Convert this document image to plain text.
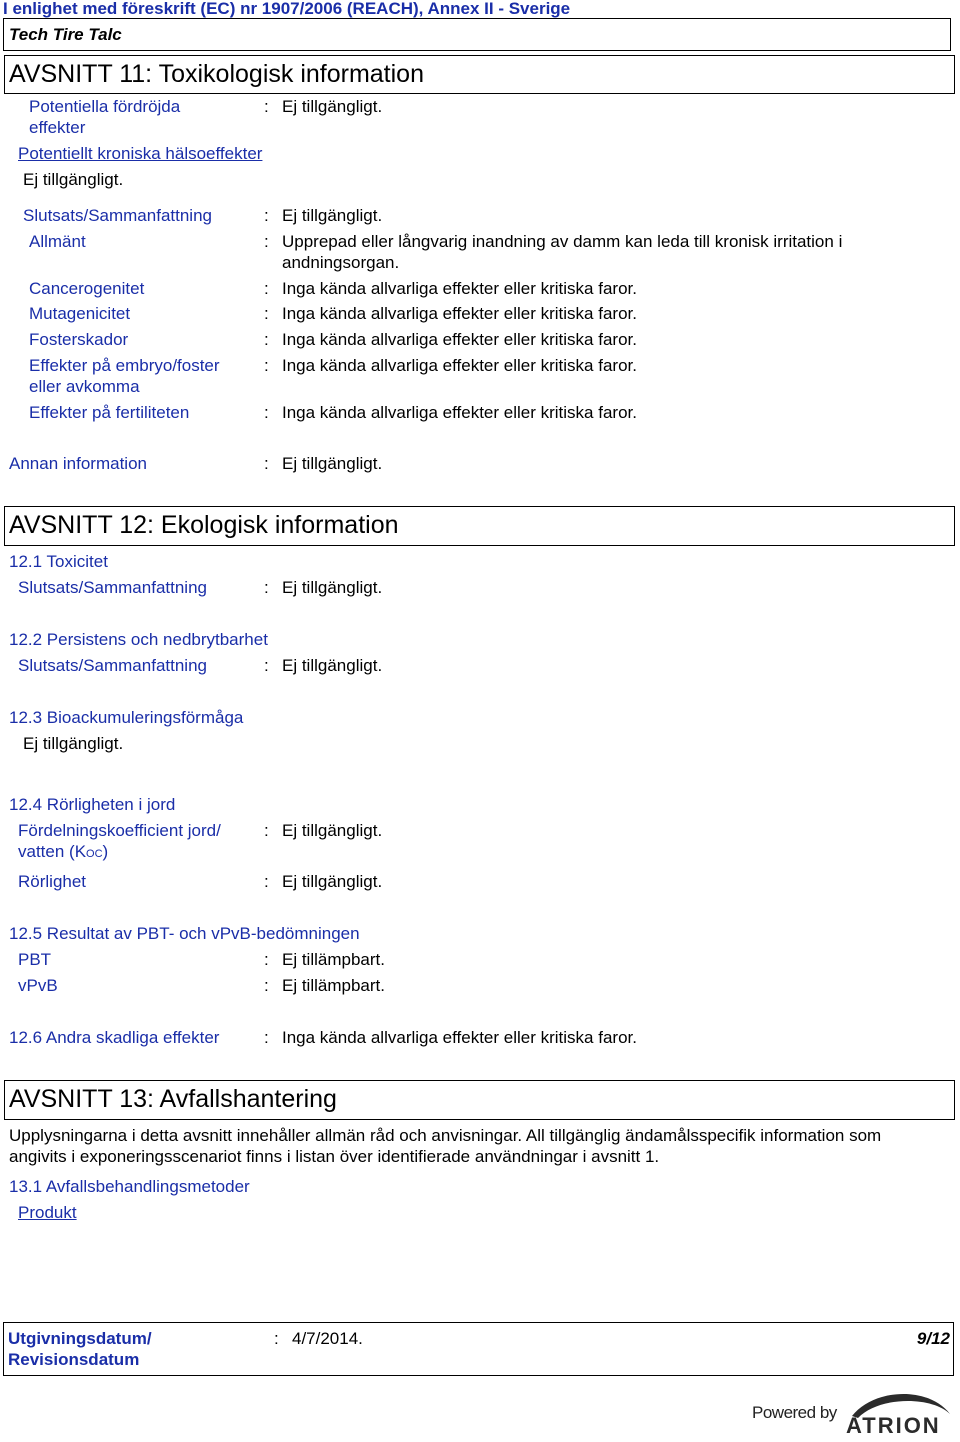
I enlighet med föreskrift (EC) nr 1907/2006 (REACH), Annex II - Sverige
Tech Tire Talc
AVSNITT 11: Toxikologisk information
Potentiella fördröjda
effekter
: Ej tillgängligt.
Potentiellt kroniska hälsoeffekter
Ej tillgängligt.
Slutsats/Sammanfattning	: Ej tillgängligt.
Allmänt	: Upprepad eller långvarig inandning av damm kan leda till kronisk irritation i
andningsorgan.
Cancerogenitet	: Inga kända allvarliga effekter eller kritiska faror.
Mutagenicitet	: Inga kända allvarliga effekter eller kritiska faror.
Fosterskador	: Inga kända allvarliga effekter eller kritiska faror.
Effekter på embryo/foster
eller avkomma
: Inga kända allvarliga effekter eller kritiska faror.
Effekter på fertiliteten	: Inga kända allvarliga effekter eller kritiska faror.
Annan information	: Ej tillgängligt.
AVSNITT 12: Ekologisk information
12.1 Toxicitet
Slutsats/Sammanfattning	: Ej tillgängligt.
12.2 Persistens och nedbrytbarhet
Slutsats/Sammanfattning	: Ej tillgängligt.
12.3 Bioackumuleringsförmåga
Ej tillgängligt.
12.4 Rörligheten i jord
Fördelningskoefficient jord/
vatten (KOC)
: Ej tillgängligt.
Rörlighet	: Ej tillgängligt.
12.5 Resultat av PBT- och vPvB-bedömningen
PBT	: Ej tillämpbart.
vPvB	: Ej tillämpbart.
12.6 Andra skadliga effekter	: Inga kända allvarliga effekter eller kritiska faror.
AVSNITT 13: Avfallshantering
Upplysningarna i detta avsnitt innehåller allmän råd och anvisningar. All tillgänglig ändamålsspecifik information som
angivits i exponeringsscenariot finns i listan över identifierade användningar i avsnitt 1.
13.1 Avfallsbehandlingsmetoder
Produkt
Utgivningsdatum/
Revisionsdatum
: 4/7/2014.	9/12
Powered by
ATRION
